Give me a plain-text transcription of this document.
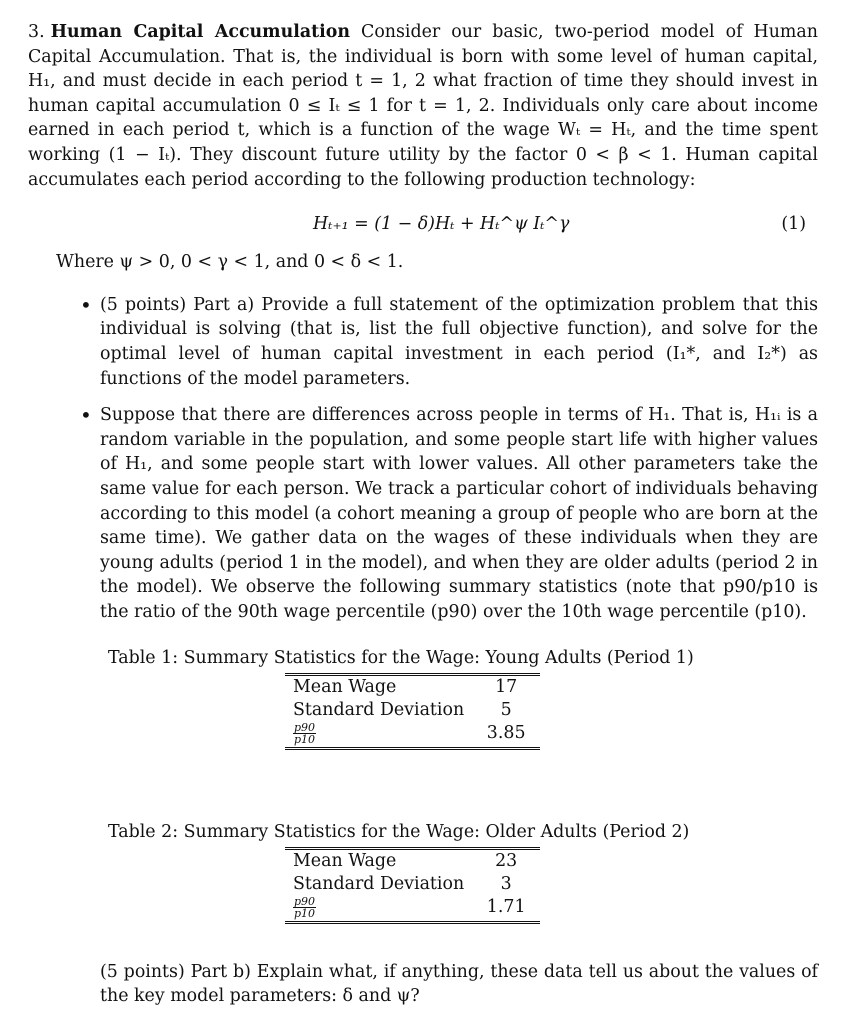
3. Human Capital Accumulation Consider our basic, two-period model of Human Capital Accumulation. That is, the individual is born with some level of human capital, H₁, and must decide in each period t = 1, 2 what fraction of time they should invest in human capital accumulation 0 ≤ Iₜ ≤ 1 for t = 1, 2. Individuals only care about income earned in each period t, which is a function of the wage Wₜ = Hₜ, and the time spent working (1 − Iₜ). They discount future utility by the factor 0 < β < 1. Human capital accumulates each period according to the following production technology:

Hₜ₊₁ = (1 − δ)Hₜ + Hₜ^ψ Iₜ^γ	(1)

Where ψ > 0, 0 < γ < 1, and 0 < δ < 1.

• (5 points) Part a) Provide a full statement of the optimization problem that this individual is solving (that is, list the full objective function), and solve for the optimal level of human capital investment in each period (I₁*, and I₂*) as functions of the model parameters.
• Suppose that there are differences across people in terms of H₁. That is, H₁ᵢ is a random variable in the population, and some people start life with higher values of H₁, and some people start with lower values. All other parameters take the same value for each person. We track a particular cohort of individuals behaving according to this model (a cohort meaning a group of people who are born at the same time). We gather data on the wages of these individuals when they are young adults (period 1 in the model), and when they are older adults (period 2 in the model). We observe the following summary statistics (note that p90/p10 is the ratio of the 90th wage percentile (p90) over the 10th wage percentile (p10).
Table 1: Summary Statistics for the Wage: Young Adults (Period 1)
Mean Wage	17
Standard Deviation	5

$\frac{p90}{p10}$	3.85
Table 2: Summary Statistics for the Wage: Older Adults (Period 2)
Mean Wage	23
Standard Deviation	3

$\frac{p90}{p10}$	1.71

(5 points) Part b) Explain what, if anything, these data tell us about the values of the key model parameters: δ and ψ?
